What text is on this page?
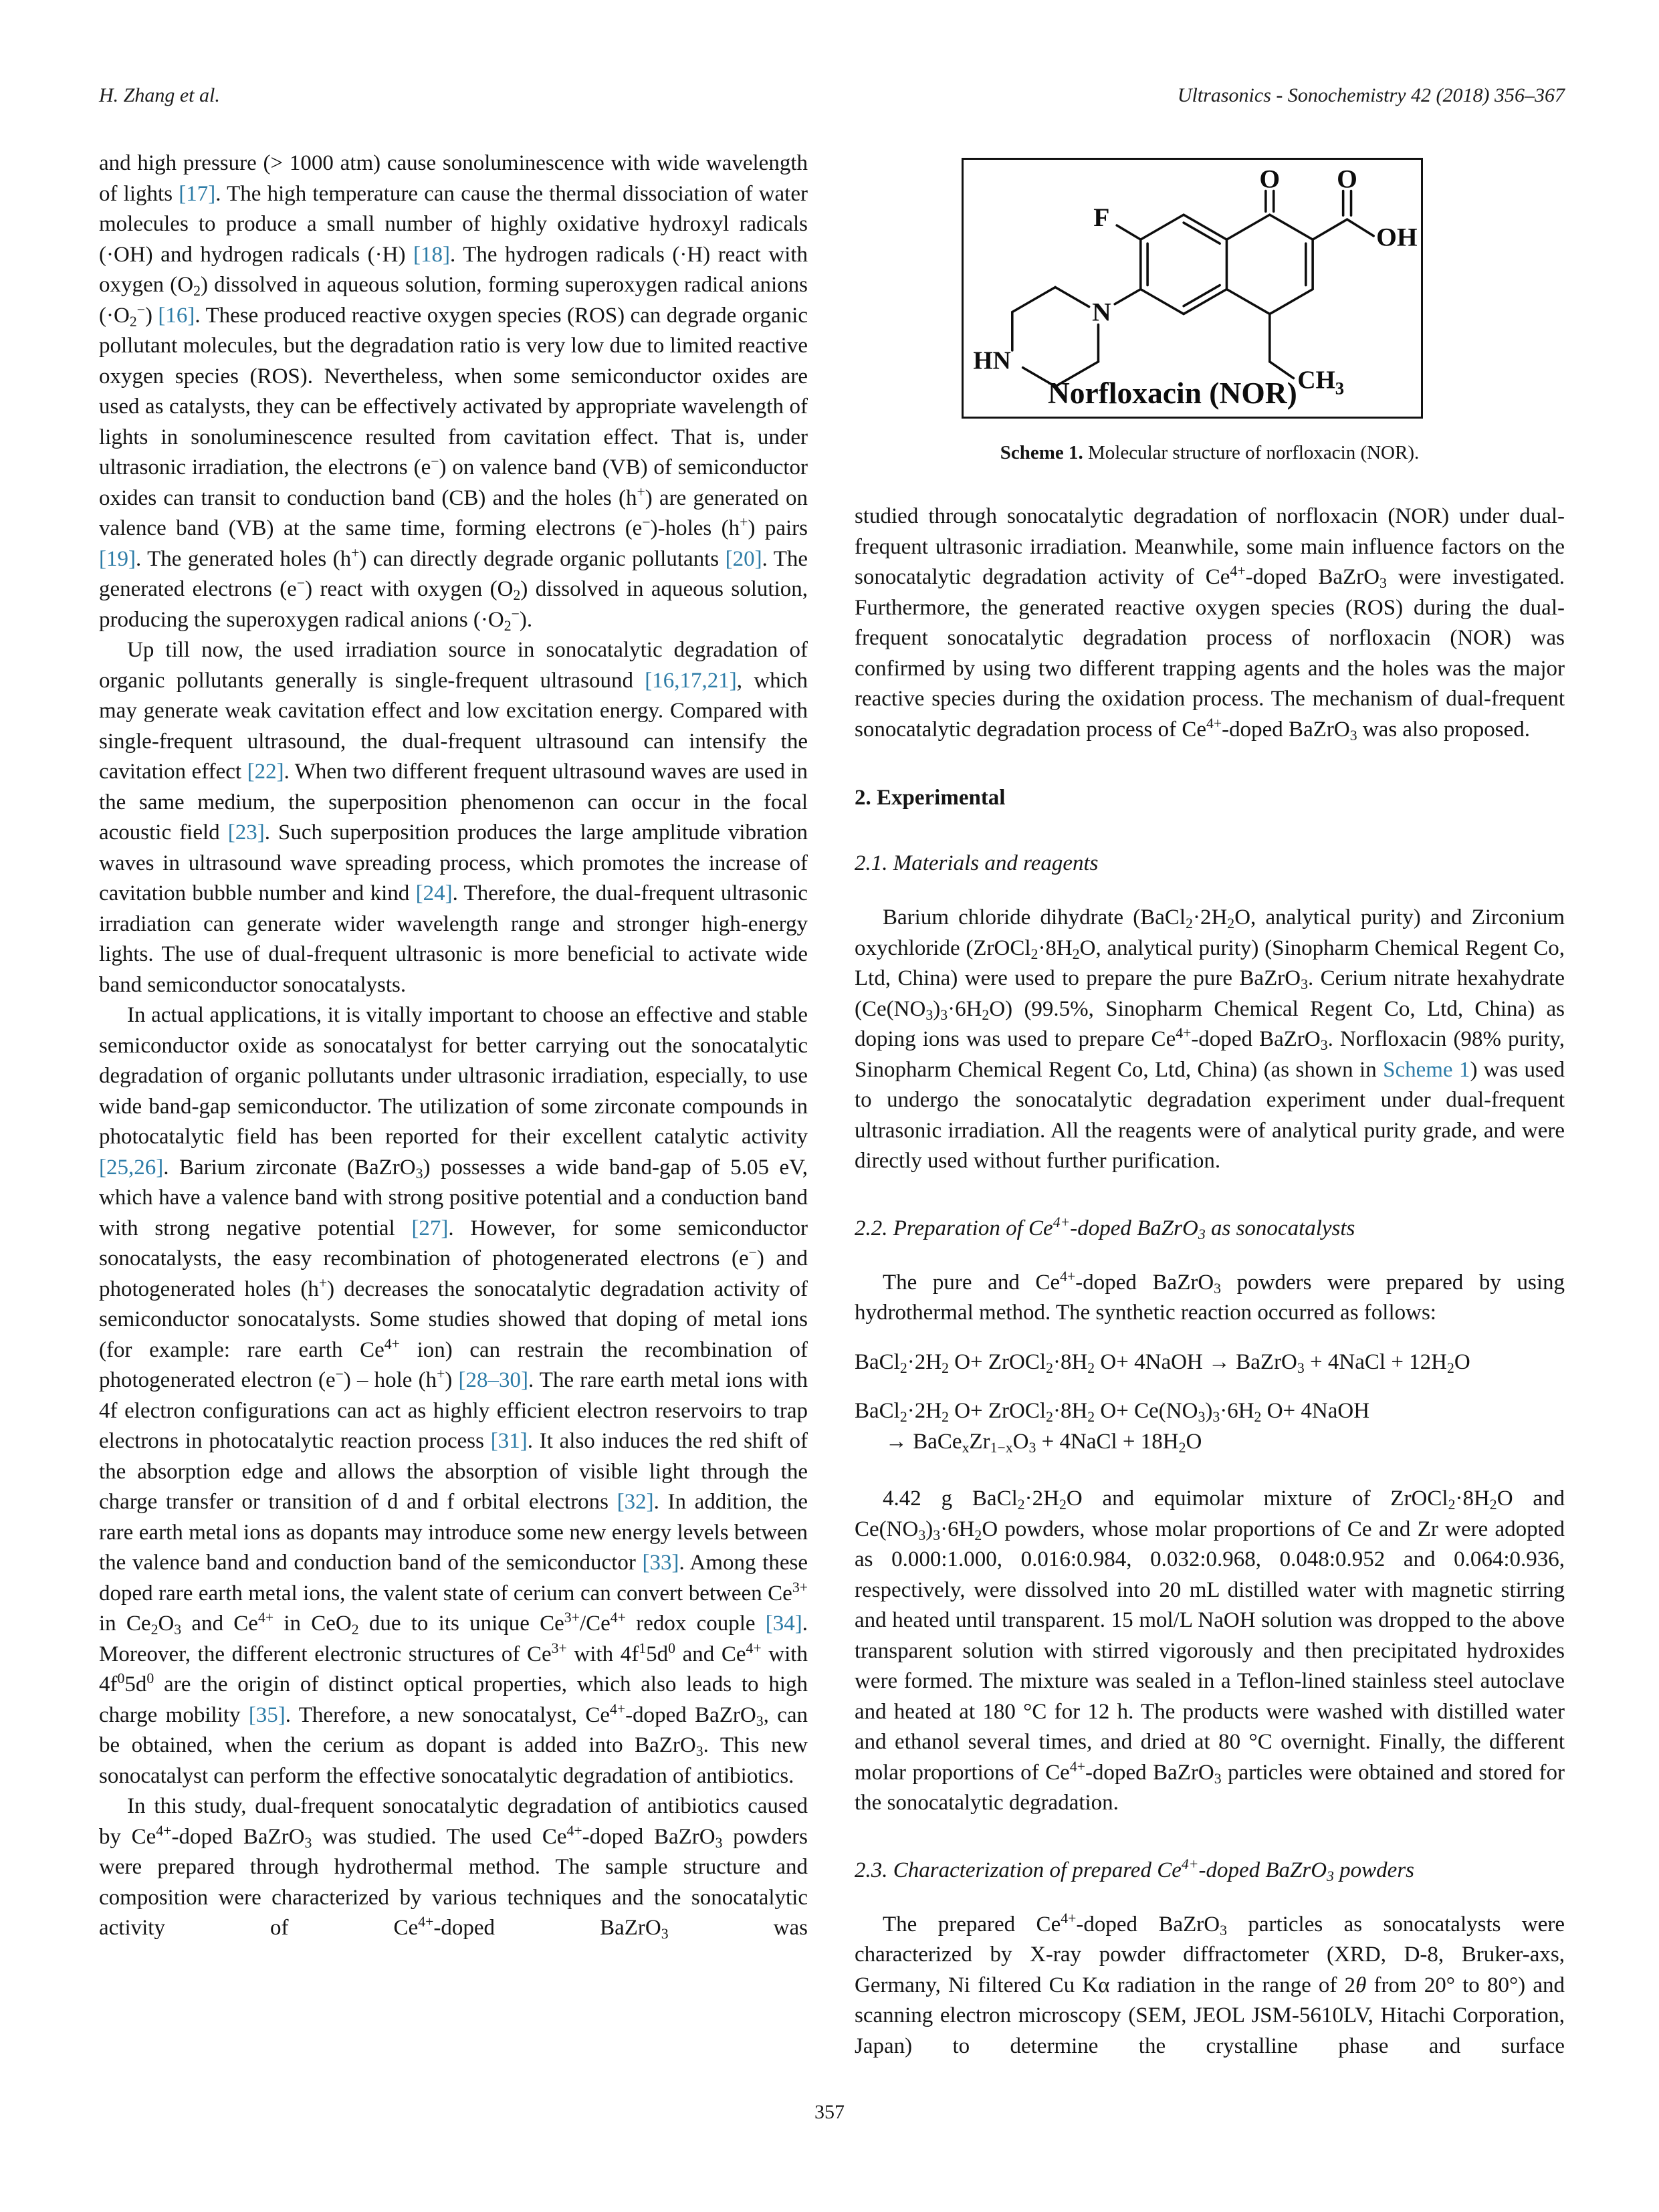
H. Zhang et al.	Ultrasonics - Sonochemistry 42 (2018) 356–367

and high pressure (> 1000 atm) cause sonoluminescence with wide wavelength of lights [17]. The high temperature can cause the thermal dissociation of water molecules to produce a small number of highly oxidative hydroxyl radicals (·OH) and hydrogen radicals (·H) [18]. The hydrogen radicals (·H) react with oxygen $(O_2)$ dissolved in aqueous solution, forming superoxygen radical anions $(\cdot O_2^-)$ [16]. These produced reactive oxygen species (ROS) can degrade organic pollutant molecules, but the degradation ratio is very low due to limited reactive oxygen species (ROS). Nevertheless, when some semiconductor oxides are used as catalysts, they can be effectively activated by appropriate wavelength of lights in sonoluminescence resulted from cavitation effect. That is, under ultrasonic irradiation, the electrons (e−) on valence band (VB) of semiconductor oxides can transit to conduction band (CB) and the holes (h+) are generated on valence band (VB) at the same time, forming electrons (e−)-holes (h+) pairs [19]. The generated holes (h+) can directly degrade organic pollutants [20]. The generated electrons (e−) react with oxygen $(O_2)$ dissolved in aqueous solution, producing the superoxygen radical anions $(\cdot O_2^-)$.

Up till now, the used irradiation source in sonocatalytic degradation of organic pollutants generally is single-frequent ultrasound [16,17,21], which may generate weak cavitation effect and low excitation energy. Compared with single-frequent ultrasound, the dual-frequent ultrasound can intensify the cavitation effect [22]. When two different frequent ultrasound waves are used in the same medium, the superposition phenomenon can occur in the focal acoustic field [23]. Such superposition produces the large amplitude vibration waves in ultrasound wave spreading process, which promotes the increase of cavitation bubble number and kind [24]. Therefore, the dual-frequent ultrasonic irradiation can generate wider wavelength range and stronger high-energy lights. The use of dual-frequent ultrasonic is more beneficial to activate wide band semiconductor sonocatalysts.

In actual applications, it is vitally important to choose an effective and stable semiconductor oxide as sonocatalyst for better carrying out the sonocatalytic degradation of organic pollutants under ultrasonic irradiation, especially, to use wide band-gap semiconductor. The utilization of some zirconate compounds in photocatalytic field has been reported for their excellent catalytic activity [25,26]. Barium zirconate (BaZrO$_3$) possesses a wide band-gap of 5.05 eV, which have a valence band with strong positive potential and a conduction band with strong negative potential [27]. However, for some semiconductor sonocatalysts, the easy recombination of photogenerated electrons (e−) and photogenerated holes (h+) decreases the sonocatalytic degradation activity of semiconductor sonocatalysts. Some studies showed that doping of metal ions (for example: rare earth $Ce^{4+}$ ion) can restrain the recombination of photogenerated electron (e−) – hole (h+) [28–30]. The rare earth metal ions with 4f electron configurations can act as highly efficient electron reservoirs to trap electrons in photocatalytic reaction process [31]. It also induces the red shift of the absorption edge and allows the absorption of visible light through the charge transfer or transition of d and f orbital electrons [32]. In addition, the rare earth metal ions as dopants may introduce some new energy levels between the valence band and conduction band of the semiconductor [33]. Among these doped rare earth metal ions, the valent state of cerium can convert between $Ce^{3+}$ in $Ce_2O_3$ and $Ce^{4+}$ in CeO$_2$ due to its unique $Ce^{3+}/Ce^{4+}$ redox couple [34]. Moreover, the different electronic structures of $Ce^{3+}$ with $4f^15d^0$ and $Ce^{4+}$ with $4f^05d^0$ are the origin of distinct optical properties, which also leads to high charge mobility [35]. Therefore, a new sonocatalyst, $Ce^{4+}$-doped BaZrO$_3$, can be obtained, when the cerium as dopant is added into BaZrO$_3$. This new sonocatalyst can perform the effective sonocatalytic degradation of antibiotics.

In this study, dual-frequent sonocatalytic degradation of antibiotics caused by $Ce^{4+}$-doped BaZrO$_3$ was studied. The used $Ce^{4+}$-doped BaZrO$_3$ powders were prepared through hydrothermal method. The sample structure and composition were characterized by various techniques and the sonocatalytic activity of $Ce^{4+}$-doped BaZrO$_3$ was

O O
OH
F
N
HN
$CH_3$
Norfloxacin (NOR)
Scheme 1. Molecular structure of norfloxacin (NOR).

studied through sonocatalytic degradation of norfloxacin (NOR) under dual-frequent ultrasonic irradiation. Meanwhile, some main influence factors on the sonocatalytic degradation activity of $Ce^{4+}$-doped BaZrO$_3$ were investigated. Furthermore, the generated reactive oxygen species (ROS) during the dual-frequent sonocatalytic degradation process of norfloxacin (NOR) was confirmed by using two different trapping agents and the holes was the major reactive species during the oxidation process. The mechanism of dual-frequent sonocatalytic degradation process of $Ce^{4+}$-doped BaZrO$_3$ was also proposed.

2. Experimental
2.1. Materials and reagents

Barium chloride dihydrate ($BaCl_2\cdot 2H_2O$, analytical purity) and Zirconium oxychloride ($ZrOCl_2\cdot 8H_2O$, analytical purity) (Sinopharm Chemical Regent Co, Ltd, China) were used to prepare the pure BaZrO$_3$. Cerium nitrate hexahydrate $(Ce(NO_3)_3\cdot 6H_2O)$ (99.5%, Sinopharm Chemical Regent Co, Ltd, China) as doping ions was used to prepare $Ce^{4+}$-doped BaZrO$_3$. Norfloxacin (98% purity, Sinopharm Chemical Regent Co, Ltd, China) (as shown in Scheme 1) was used to undergo the sonocatalytic degradation experiment under dual-frequent ultrasonic irradiation. All the reagents were of analytical purity grade, and were directly used without further purification.

2.2. Preparation of $Ce^{4+}$-doped BaZrO$_3$ as sonocatalysts

The pure and $Ce^{4+}$-doped BaZrO$_3$ powders were prepared by using hydrothermal method. The synthetic reaction occurred as follows:

$BaCl_2\cdot 2H_2$ $O+ ZrOCl_2\cdot 8H_2$ O+ 4NaOH → BaZrO$_3$ + 4NaCl + $12H_2O$
$BaCl_2\cdot 2H_2$ $O+ ZrOCl_2\cdot 8H_2$ $O+ Ce(NO_3)_3\cdot 6H_2$ O+ 4NaOH
→ $BaCe_xZr_{1-x}O_3$ + 4NaCl + $18H_2O$

4.42 g $BaCl_2\cdot 2H_2O$ and equimolar mixture of $ZrOCl_2\cdot 8H_2O$ and $Ce(NO_3)_3\cdot 6H_2O$ powders, whose molar proportions of Ce and Zr were adopted as 0.000:1.000, 0.016:0.984, 0.032:0.968, 0.048:0.952 and 0.064:0.936, respectively, were dissolved into 20 mL distilled water with magnetic stirring and heated until transparent. 15 mol/L NaOH solution was dropped to the above transparent solution with stirred vigorously and then precipitated hydroxides were formed. The mixture was sealed in a Teflon-lined stainless steel autoclave and heated at 180 °C for 12 h. The products were washed with distilled water and ethanol several times, and dried at 80 °C overnight. Finally, the different molar proportions of $Ce^{4+}$-doped BaZrO$_3$ particles were obtained and stored for the sonocatalytic degradation.

2.3. Characterization of prepared $Ce^{4+}$-doped BaZrO$_3$ powders

The prepared $Ce^{4+}$-doped BaZrO$_3$ particles as sonocatalysts were characterized by X-ray powder diffractometer (XRD, D-8, Bruker-axs, Germany, Ni filtered Cu Kα radiation in the range of 2θ from 20° to 80°) and scanning electron microscopy (SEM, JEOL JSM-5610LV, Hitachi Corporation, Japan) to determine the crystalline phase and surface

357
